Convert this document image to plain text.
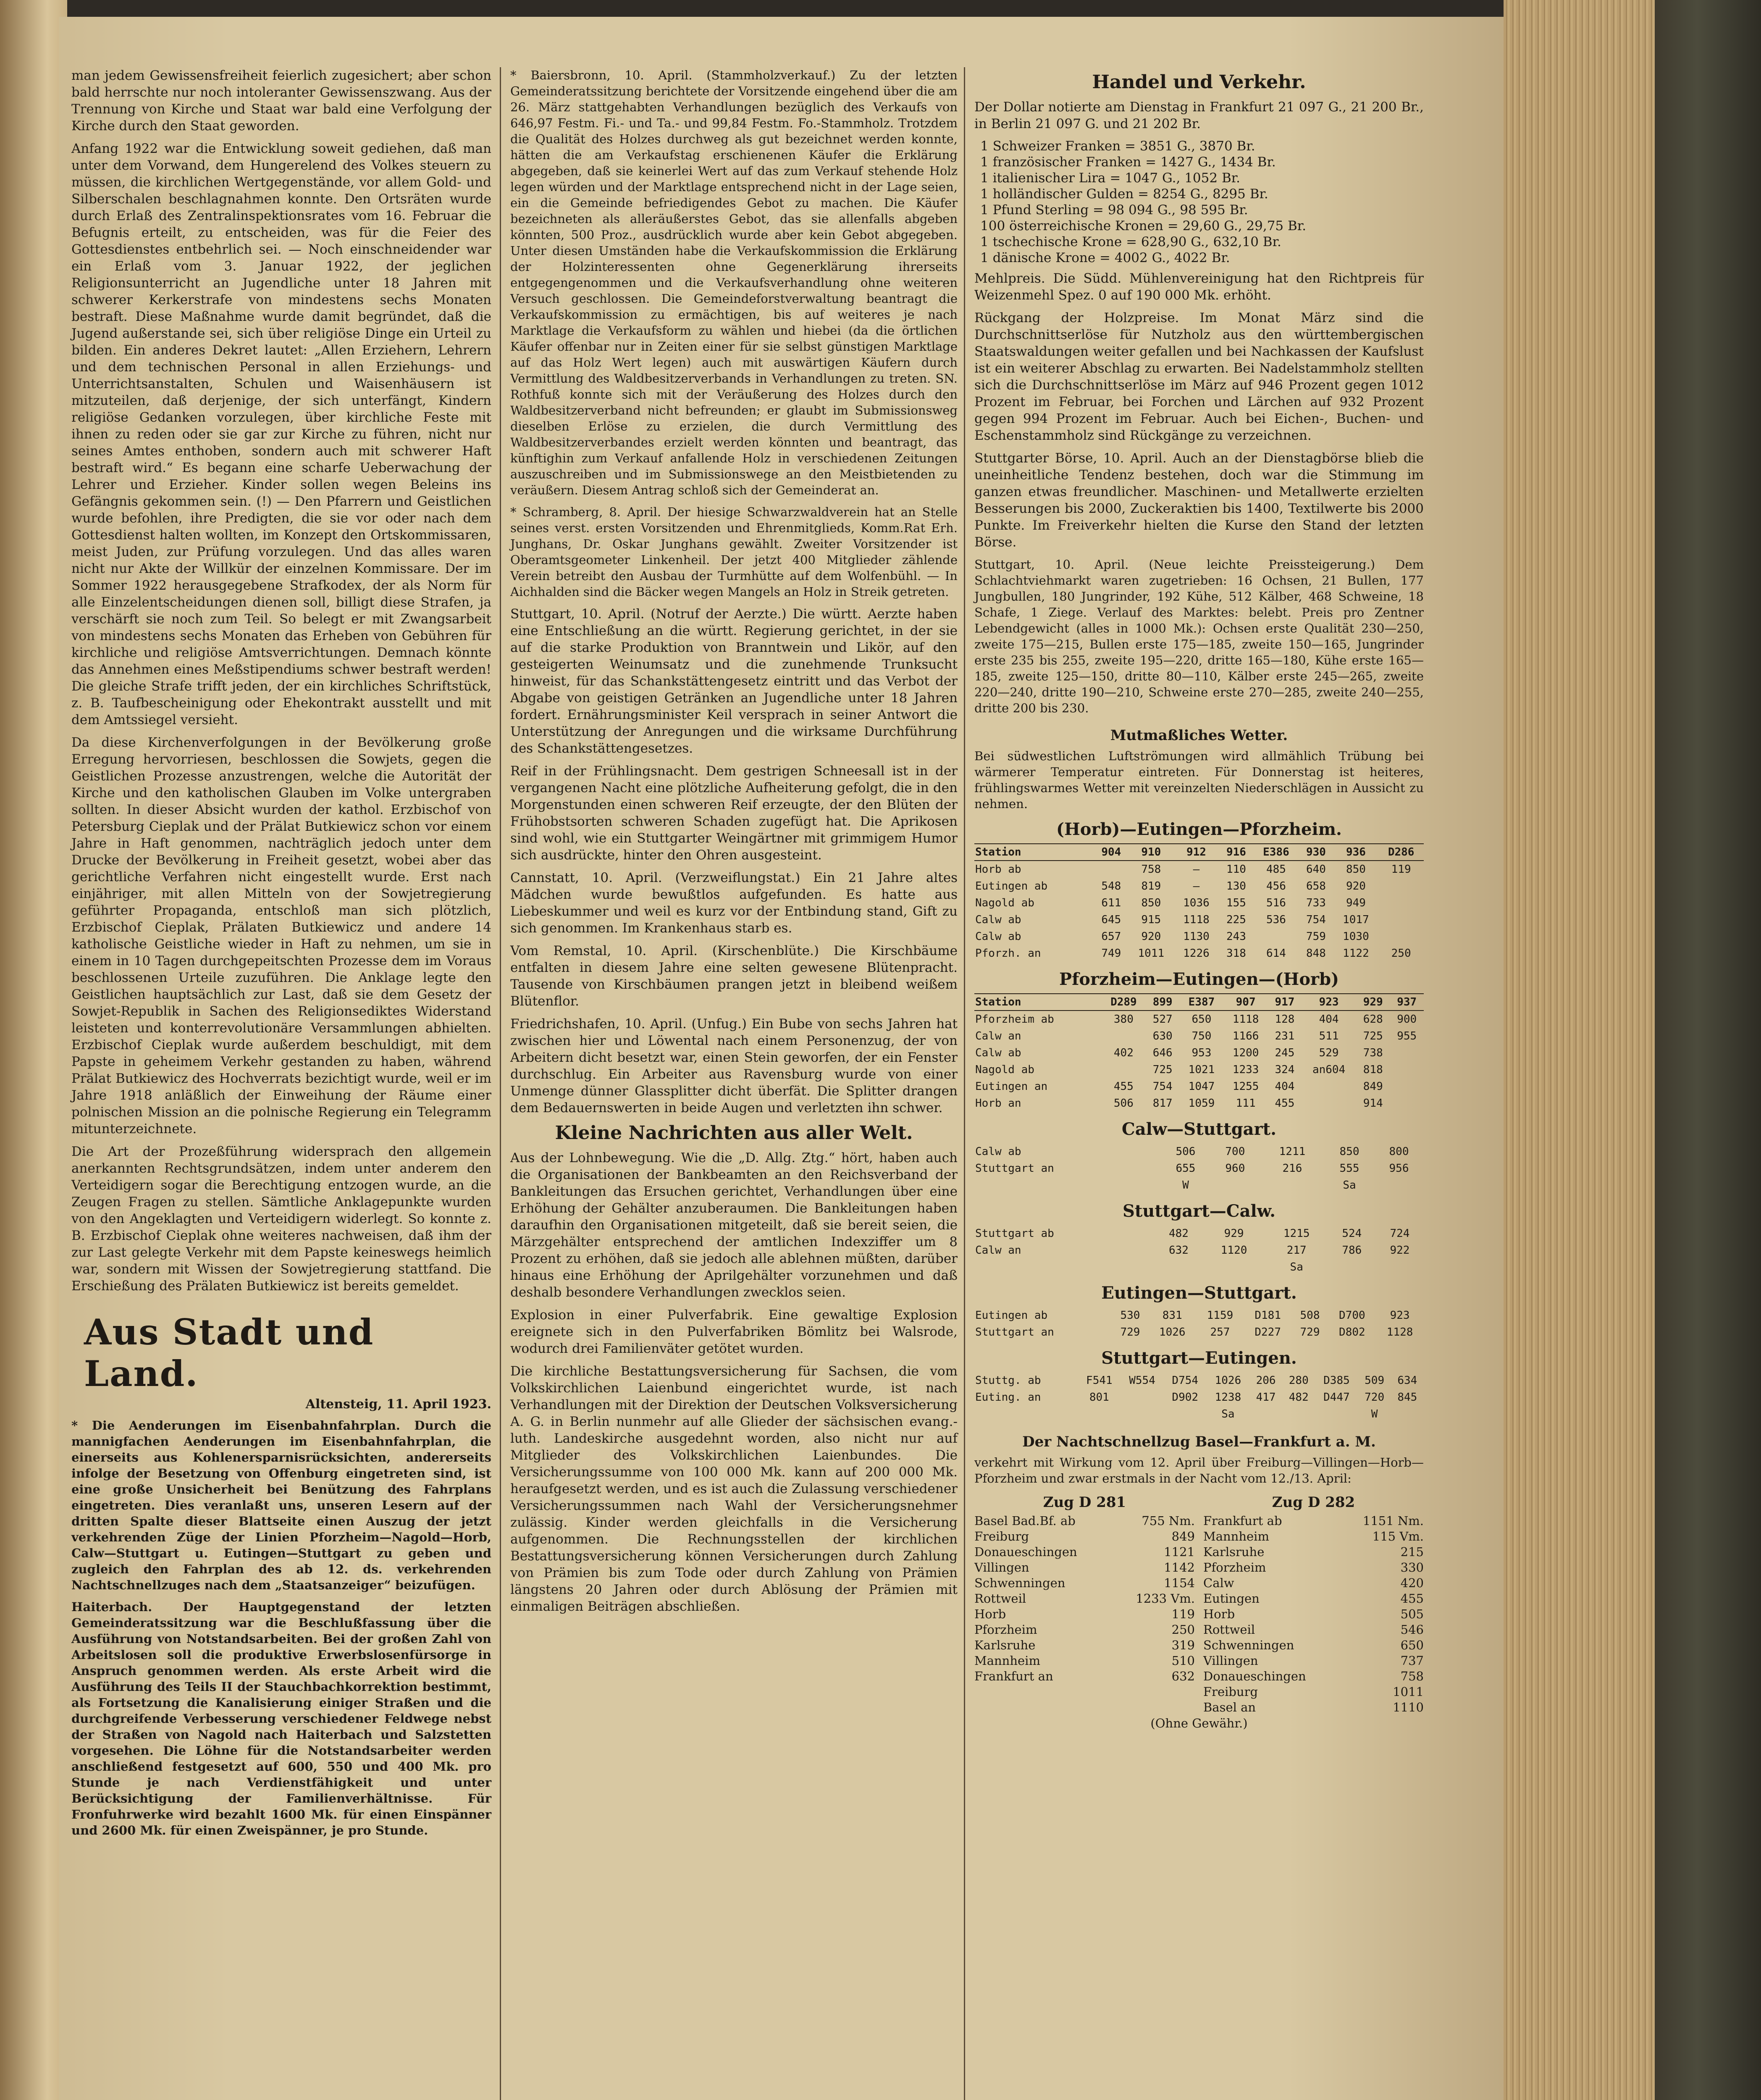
man jedem Gewissensfreiheit feierlich zugesichert; aber schon bald herrschte nur noch intoleranter Gewissenszwang. Aus der Trennung von Kirche und Staat war bald eine Verfolgung der Kirche durch den Staat geworden.

Anfang 1922 war die Entwicklung soweit gediehen, daß man unter dem Vorwand, dem Hungerelend des Volkes steuern zu müssen, die kirchlichen Wertgegenstände, vor allem Gold- und Silberschalen beschlagnahmen konnte. Den Ortsräten wurde durch Erlaß des Zentralinspektionsrates vom 16. Februar die Befugnis erteilt, zu entscheiden, was für die Feier des Gottesdienstes entbehrlich sei. — Noch einschneidender war ein Erlaß vom 3. Januar 1922, der jeglichen Religionsunterricht an Jugendliche unter 18 Jahren mit schwerer Kerkerstrafe von mindestens sechs Monaten bestraft. Diese Maßnahme wurde damit begründet, daß die Jugend außerstande sei, sich über religiöse Dinge ein Urteil zu bilden. Ein anderes Dekret lautet: „Allen Erziehern, Lehrern und dem technischen Personal in allen Erziehungs- und Unterrichtsanstalten, Schulen und Waisenhäusern ist mitzuteilen, daß derjenige, der sich unterfängt, Kindern religiöse Gedanken vorzulegen, über kirchliche Feste mit ihnen zu reden oder sie gar zur Kirche zu führen, nicht nur seines Amtes enthoben, sondern auch mit schwerer Haft bestraft wird.“ Es begann eine scharfe Ueberwachung der Lehrer und Erzieher. Kinder sollen wegen Beleins ins Gefängnis gekommen sein. (!) — Den Pfarrern und Geistlichen wurde befohlen, ihre Predigten, die sie vor oder nach dem Gottesdienst halten wollten, im Konzept den Ortskommissaren, meist Juden, zur Prüfung vorzulegen. Und das alles waren nicht nur Akte der Willkür der einzelnen Kommissare. Der im Sommer 1922 herausgegebene Strafkodex, der als Norm für alle Einzelentscheidungen dienen soll, billigt diese Strafen, ja verschärft sie noch zum Teil. So belegt er mit Zwangsarbeit von mindestens sechs Monaten das Erheben von Gebühren für kirchliche und religiöse Amtsverrichtungen. Demnach könnte das Annehmen eines Meßstipendiums schwer bestraft werden! Die gleiche Strafe trifft jeden, der ein kirchliches Schriftstück, z. B. Taufbescheinigung oder Ehekontrakt ausstellt und mit dem Amtssiegel versieht.

Da diese Kirchenverfolgungen in der Bevölkerung große Erregung hervorriesen, beschlossen die Sowjets, gegen die Geistlichen Prozesse anzustrengen, welche die Autorität der Kirche und den katholischen Glauben im Volke untergraben sollten. In dieser Absicht wurden der kathol. Erzbischof von Petersburg Cieplak und der Prälat Butkiewicz schon vor einem Jahre in Haft genommen, nachträglich jedoch unter dem Drucke der Bevölkerung in Freiheit gesetzt, wobei aber das gerichtliche Verfahren nicht eingestellt wurde. Erst nach einjähriger, mit allen Mitteln von der Sowjetregierung geführter Propaganda, entschloß man sich plötzlich, Erzbischof Cieplak, Prälaten Butkiewicz und andere 14 katholische Geistliche wieder in Haft zu nehmen, um sie in einem in 10 Tagen durchgepeitschten Prozesse dem im Voraus beschlossenen Urteile zuzuführen. Die Anklage legte den Geistlichen hauptsächlich zur Last, daß sie dem Gesetz der Sowjet-Republik in Sachen des Religionsediktes Widerstand leisteten und konterrevolutionäre Versammlungen abhielten. Erzbischof Cieplak wurde außerdem beschuldigt, mit dem Papste in geheimem Verkehr gestanden zu haben, während Prälat Butkiewicz des Hochverrats bezichtigt wurde, weil er im Jahre 1918 anläßlich der Einweihung der Räume einer polnischen Mission an die polnische Regierung ein Telegramm mitunterzeichnete.

Die Art der Prozeßführung widersprach den allgemein anerkannten Rechtsgrundsätzen, indem unter anderem den Verteidigern sogar die Berechtigung entzogen wurde, an die Zeugen Fragen zu stellen. Sämtliche Anklagepunkte wurden von den Angeklagten und Verteidigern widerlegt. So konnte z. B. Erzbischof Cieplak ohne weiteres nachweisen, daß ihm der zur Last gelegte Verkehr mit dem Papste keineswegs heimlich war, sondern mit Wissen der Sowjetregierung stattfand. Die Erschießung des Prälaten Butkiewicz ist bereits gemeldet.

Aus Stadt und Land.
Altensteig, 11. April 1923.

* Die Aenderungen im Eisenbahnfahrplan. Durch die mannigfachen Aenderungen im Eisenbahnfahrplan, die einerseits aus Kohlenersparnisrücksichten, andererseits infolge der Besetzung von Offenburg eingetreten sind, ist eine große Unsicherheit bei Benützung des Fahrplans eingetreten. Dies veranlaßt uns, unseren Lesern auf der dritten Spalte dieser Blattseite einen Auszug der jetzt verkehrenden Züge der Linien Pforzheim—Nagold—Horb, Calw—Stuttgart u. Eutingen—Stuttgart zu geben und zugleich den Fahrplan des ab 12. ds. verkehrenden Nachtschnellzuges nach dem „Staatsanzeiger“ beizufügen.

Haiterbach. Der Hauptgegenstand der letzten Gemeinderatssitzung war die Beschlußfassung über die Ausführung von Notstandsarbeiten. Bei der großen Zahl von Arbeitslosen soll die produktive Erwerbslosenfürsorge in Anspruch genommen werden. Als erste Arbeit wird die Ausführung des Teils II der Stauchbachkorrektion bestimmt, als Fortsetzung die Kanalisierung einiger Straßen und die durchgreifende Verbesserung verschiedener Feldwege nebst der Straßen von Nagold nach Haiterbach und Salzstetten vorgesehen. Die Löhne für die Notstandsarbeiter werden anschließend festgesetzt auf 600, 550 und 400 Mk. pro Stunde je nach Verdienstfähigkeit und unter Berücksichtigung der Familienverhältnisse. Für Fronfuhrwerke wird bezahlt 1600 Mk. für einen Einspänner und 2600 Mk. für einen Zweispänner, je pro Stunde.

* Baiersbronn, 10. April. (Stammholzverkauf.) Zu der letzten Gemeinderatssitzung berichtete der Vorsitzende eingehend über die am 26. März stattgehabten Verhandlungen bezüglich des Verkaufs von 646,97 Festm. Fi.- und Ta.- und 99,84 Festm. Fo.-Stammholz. Trotzdem die Qualität des Holzes durchweg als gut bezeichnet werden konnte, hätten die am Verkaufstag erschienenen Käufer die Erklärung abgegeben, daß sie keinerlei Wert auf das zum Verkauf stehende Holz legen würden und der Marktlage entsprechend nicht in der Lage seien, ein die Gemeinde befriedigendes Gebot zu machen. Die Käufer bezeichneten als alleräußerstes Gebot, das sie allenfalls abgeben könnten, 500 Proz., ausdrücklich wurde aber kein Gebot abgegeben. Unter diesen Umständen habe die Verkaufskommission die Erklärung der Holzinteressenten ohne Gegenerklärung ihrerseits entgegengenommen und die Verkaufsverhandlung ohne weiteren Versuch geschlossen. Die Gemeindeforstverwaltung beantragt die Verkaufskommission zu ermächtigen, bis auf weiteres je nach Marktlage die Verkaufsform zu wählen und hiebei (da die örtlichen Käufer offenbar nur in Zeiten einer für sie selbst günstigen Marktlage auf das Holz Wert legen) auch mit auswärtigen Käufern durch Vermittlung des Waldbesitzerverbands in Verhandlungen zu treten. SN. Rothfuß konnte sich mit der Veräußerung des Holzes durch den Waldbesitzerverband nicht befreunden; er glaubt im Submissionsweg dieselben Erlöse zu erzielen, die durch Vermittlung des Waldbesitzerverbandes erzielt werden könnten und beantragt, das künftighin zum Verkauf anfallende Holz in verschiedenen Zeitungen auszuschreiben und im Submissionswege an den Meistbietenden zu veräußern. Diesem Antrag schloß sich der Gemeinderat an.

* Schramberg, 8. April. Der hiesige Schwarzwaldverein hat an Stelle seines verst. ersten Vorsitzenden und Ehrenmitglieds, Komm.Rat Erh. Junghans, Dr. Oskar Junghans gewählt. Zweiter Vorsitzender ist Oberamtsgeometer Linkenheil. Der jetzt 400 Mitglieder zählende Verein betreibt den Ausbau der Turmhütte auf dem Wolfenbühl. — In Aichhalden sind die Bäcker wegen Mangels an Holz in Streik getreten.

Stuttgart, 10. April. (Notruf der Aerzte.) Die württ. Aerzte haben eine Entschließung an die württ. Regierung gerichtet, in der sie auf die starke Produktion von Branntwein und Likör, auf den gesteigerten Weinumsatz und die zunehmende Trunksucht hinweist, für das Schankstättengesetz eintritt und das Verbot der Abgabe von geistigen Getränken an Jugendliche unter 18 Jahren fordert. Ernährungsminister Keil versprach in seiner Antwort die Unterstützung der Anregungen und die wirksame Durchführung des Schankstättengesetzes.

Reif in der Frühlingsnacht. Dem gestrigen Schneesall ist in der vergangenen Nacht eine plötzliche Aufheiterung gefolgt, die in den Morgenstunden einen schweren Reif erzeugte, der den Blüten der Frühobstsorten schweren Schaden zugefügt hat. Die Aprikosen sind wohl, wie ein Stuttgarter Weingärtner mit grimmigem Humor sich ausdrückte, hinter den Ohren ausgesteint.

Cannstatt, 10. April. (Verzweiflungstat.) Ein 21 Jahre altes Mädchen wurde bewußtlos aufgefunden. Es hatte aus Liebeskummer und weil es kurz vor der Entbindung stand, Gift zu sich genommen. Im Krankenhaus starb es.

Vom Remstal, 10. April. (Kirschenblüte.) Die Kirschbäume entfalten in diesem Jahre eine selten gewesene Blütenpracht. Tausende von Kirschbäumen prangen jetzt in bleibend weißem Blütenflor.

Friedrichshafen, 10. April. (Unfug.) Ein Bube von sechs Jahren hat zwischen hier und Löwental nach einem Personenzug, der von Arbeitern dicht besetzt war, einen Stein geworfen, der ein Fenster durchschlug. Ein Arbeiter aus Ravensburg wurde von einer Unmenge dünner Glassplitter dicht überfät. Die Splitter drangen dem Bedauernswerten in beide Augen und verletzten ihn schwer.

Kleine Nachrichten aus aller Welt.

Aus der Lohnbewegung. Wie die „D. Allg. Ztg.“ hört, haben auch die Organisationen der Bankbeamten an den Reichsverband der Bankleitungen das Ersuchen gerichtet, Verhandlungen über eine Erhöhung der Gehälter anzuberaumen. Die Bankleitungen haben daraufhin den Organisationen mitgeteilt, daß sie bereit seien, die Märzgehälter entsprechend der amtlichen Indexziffer um 8 Prozent zu erhöhen, daß sie jedoch alle ablehnen müßten, darüber hinaus eine Erhöhung der Aprilgehälter vorzunehmen und daß deshalb besondere Verhandlungen zwecklos seien.

Explosion in einer Pulverfabrik. Eine gewaltige Explosion ereignete sich in den Pulverfabriken Bömlitz bei Walsrode, wodurch drei Familienväter getötet wurden.

Die kirchliche Bestattungsversicherung für Sachsen, die vom Volkskirchlichen Laienbund eingerichtet wurde, ist nach Verhandlungen mit der Direktion der Deutschen Volksversicherung A. G. in Berlin nunmehr auf alle Glieder der sächsischen evang.-luth. Landeskirche ausgedehnt worden, also nicht nur auf Mitglieder des Volkskirchlichen Laienbundes. Die Versicherungssumme von 100 000 Mk. kann auf 200 000 Mk. heraufgesetzt werden, und es ist auch die Zulassung verschiedener Versicherungssummen nach Wahl der Versicherungsnehmer zulässig. Kinder werden gleichfalls in die Versicherung aufgenommen. Die Rechnungsstellen der kirchlichen Bestattungsversicherung können Versicherungen durch Zahlung von Prämien bis zum Tode oder durch Zahlung von Prämien längstens 20 Jahren oder durch Ablösung der Prämien mit einmaligen Beiträgen abschließen.

Handel und Verkehr.

Der Dollar notierte am Dienstag in Frankfurt 21 097 G., 21 200 Br., in Berlin 21 097 G. und 21 202 Br.

1 Schweizer Franken = 3851 G., 3870 Br.

1 französischer Franken = 1427 G., 1434 Br.

1 italienischer Lira = 1047 G., 1052 Br.

1 holländischer Gulden = 8254 G., 8295 Br.

1 Pfund Sterling = 98 094 G., 98 595 Br.

100 österreichische Kronen = 29,60 G., 29,75 Br.

1 tschechische Krone = 628,90 G., 632,10 Br.

1 dänische Krone = 4002 G., 4022 Br.

Mehlpreis. Die Südd. Mühlenvereinigung hat den Richtpreis für Weizenmehl Spez. 0 auf 190 000 Mk. erhöht.

Rückgang der Holzpreise. Im Monat März sind die Durchschnittserlöse für Nutzholz aus den württembergischen Staatswaldungen weiter gefallen und bei Nachkassen der Kaufslust ist ein weiterer Abschlag zu erwarten. Bei Nadelstammholz stellten sich die Durchschnittserlöse im März auf 946 Prozent gegen 1012 Prozent im Februar, bei Forchen und Lärchen auf 932 Prozent gegen 994 Prozent im Februar. Auch bei Eichen-, Buchen- und Eschenstammholz sind Rückgänge zu verzeichnen.

Stuttgarter Börse, 10. April. Auch an der Dienstagbörse blieb die uneinheitliche Tendenz bestehen, doch war die Stimmung im ganzen etwas freundlicher. Maschinen- und Metallwerte erzielten Besserungen bis 2000, Zuckeraktien bis 1400, Textilwerte bis 2000 Punkte. Im Freiverkehr hielten die Kurse den Stand der letzten Börse.

Stuttgart, 10. April. (Neue leichte Preissteigerung.) Dem Schlachtviehmarkt waren zugetrieben: 16 Ochsen, 21 Bullen, 177 Jungbullen, 180 Jungrinder, 192 Kühe, 512 Kälber, 468 Schweine, 18 Schafe, 1 Ziege. Verlauf des Marktes: belebt. Preis pro Zentner Lebendgewicht (alles in 1000 Mk.): Ochsen erste Qualität 230—250, zweite 175—215, Bullen erste 175—185, zweite 150—165, Jungrinder erste 235 bis 255, zweite 195—220, dritte 165—180, Kühe erste 165—185, zweite 125—150, dritte 80—110, Kälber erste 245—265, zweite 220—240, dritte 190—210, Schweine erste 270—285, zweite 240—255, dritte 200 bis 230.

Mutmaßliches Wetter.

Bei südwestlichen Luftströmungen wird allmählich Trübung bei wärmerer Temperatur eintreten. Für Donnerstag ist heiteres, frühlingswarmes Wetter mit vereinzelten Niederschlägen in Aussicht zu nehmen.

(Horb)—Eutingen—Pforzheim.
Station	904	910	912	916	E386	930	936	D286
Horb ab		758	—	110	485	640	850	119
Eutingen ab	548	819	—	130	456	658	920	
Nagold ab	611	850	1036	155	516	733	949	
Calw ab	645	915	1118	225	536	754	1017	
Calw ab	657	920	1130	243		759	1030	
Pforzh. an	749	1011	1226	318	614	848	1122	250
Pforzheim—Eutingen—(Horb)
Station	D289	899	E387	907	917	923	929	937
Pforzheim ab	380	527	650	1118	128	404	628	900
Calw an		630	750	1166	231	511	725	955
Calw ab	402	646	953	1200	245	529	738	
Nagold ab		725	1021	1233	324	an604	818	
Eutingen an	455	754	1047	1255	404		849	
Horb an	506	817	1059	111	455		914	
Calw—Stuttgart.
Calw ab	506	700	1211	850	800
Stuttgart an	655	960	216	555	956
	W			Sa	
Stuttgart—Calw.
Stuttgart ab	482	929	1215	524	724
Calw an	632	1120	217	786	922
			Sa		
Eutingen—Stuttgart.
Eutingen ab	530	831	1159	D181	508	D700	923
Stuttgart an	729	1026	257	D227	729	D802	1128
Stuttgart—Eutingen.
Stuttg. ab	F541	W554	D754	1026	206	280	D385	509	634
Euting. an	801		D902	1238	417	482	D447	720	845
				Sa				W	
Der Nachtschnellzug Basel—Frankfurt a. M.

verkehrt mit Wirkung vom 12. April über Freiburg—Villingen—Horb—Pforzheim und zwar erstmals in der Nacht vom 12./13. April:

Zug D 281
Basel Bad.Bf. ab	755 Nm.
Freiburg	849
Donaueschingen	1121
Villingen	1142
Schwenningen	1154
Rottweil	1233 Vm.
Horb	119
Pforzheim	250
Karlsruhe	319
Mannheim	510
Frankfurt an	632
Zug D 282
Frankfurt ab	1151 Nm.
Mannheim	115 Vm.
Karlsruhe	215
Pforzheim	330
Calw	420
Eutingen	455
Horb	505
Rottweil	546
Schwenningen	650
Villingen	737
Donaueschingen	758
Freiburg	1011
Basel an	1110

(Ohne Gewähr.)
